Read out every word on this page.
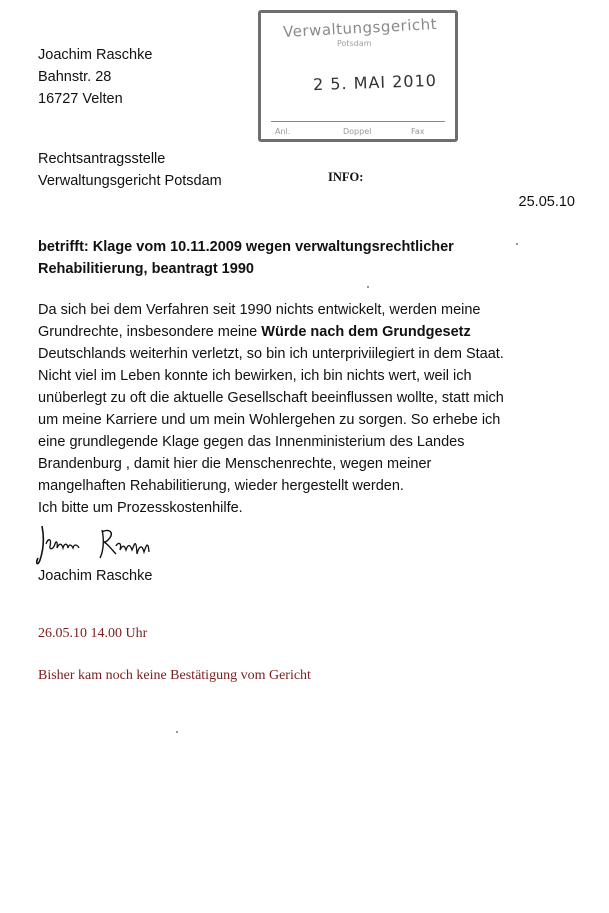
Joachim Raschke
Bahnstr. 28
16727 Velten
Verwaltungsgericht
Potsdam
2 5. MAI 2010
Anl.	Doppel	Fax
Rechtsantragsstelle
Verwaltungsgericht Potsdam	INFO:
25.05.10
betrifft: Klage vom 10.11.2009 wegen verwaltungsrechtlicher
Rehabilitierung, beantragt 1990
Da sich bei dem Verfahren seit 1990 nichts entwickelt, werden meine
Grundrechte, insbesondere meine Würde nach dem Grundgesetz
Deutschlands weiterhin verletzt, so bin ich unterpriviilegiert in dem Staat.
Nicht viel im Leben konnte ich bewirken, ich bin nichts wert, weil ich
unüberlegt zu oft die aktuelle Gesellschaft beeinflussen wollte, statt mich
um meine Karriere und um mein Wohlergehen zu sorgen. So erhebe ich
eine grundlegende Klage gegen das Innenministerium des Landes
Brandenburg , damit hier die Menschenrechte, wegen meiner
mangelhaften Rehabilitierung, wieder hergestellt werden.
Ich bitte um Prozesskostenhilfe.
Joachim Raschke
26.05.10 14.00 Uhr
Bisher kam noch keine Bestätigung vom Gericht
